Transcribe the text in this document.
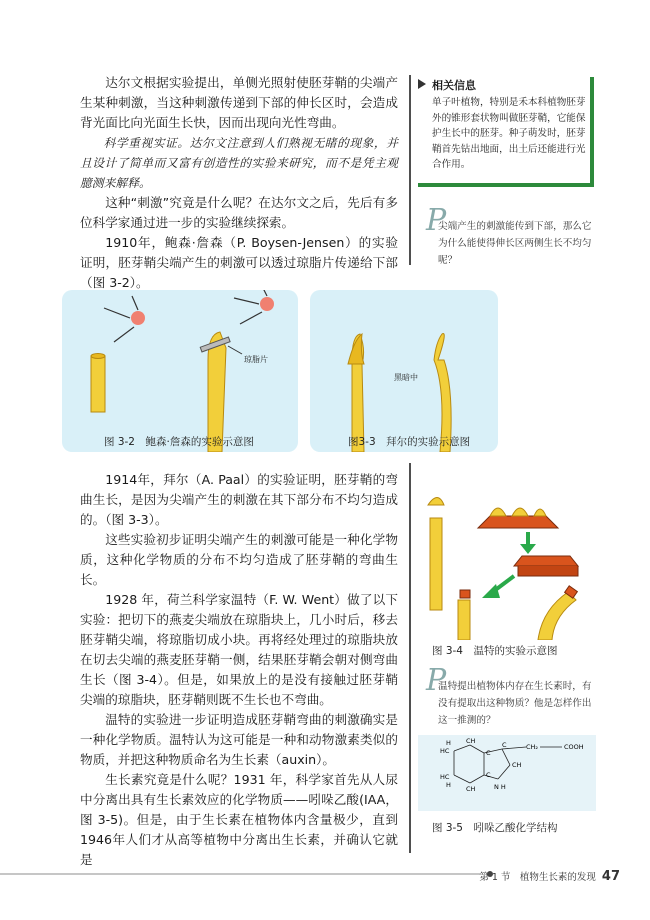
达尔文根据实验提出，单侧光照射使胚芽鞘的尖端产生某种刺激，当这种刺激传递到下部的伸长区时，会造成背光面比向光面生长快，因而出现向光性弯曲。

科学重视实证。达尔文注意到人们熟视无睹的现象，并且设计了简单而又富有创造性的实验来研究，而不是凭主观臆测来解释。

这种“刺激”究竟是什么呢？在达尔文之后，先后有多位科学家通过进一步的实验继续探索。

1910年，鲍森·詹森（P. Boysen-Jensen）的实验证明，胚芽鞘尖端产生的刺激可以透过琼脂片传递给下部（图 3-2）。

相关信息
单子叶植物，特别是禾本科植物胚芽外的锥形套状物叫做胚芽鞘，它能保护生长中的胚芽。种子萌发时，胚芽鞘首先钻出地面，出土后还能进行光合作用。
P
尖端产生的刺激能传到下部，那么它为什么能使得伸长区两侧生长不均匀呢？
琼脂片
图 3-2　鲍森·詹森的实验示意图
黑暗中
图3-3　拜尔的实验示意图

1914年，拜尔（A. Paal）的实验证明，胚芽鞘的弯曲生长，是因为尖端产生的刺激在其下部分布不均匀造成的。（图 3-3）。

这些实验初步证明尖端产生的刺激可能是一种化学物质，这种化学物质的分布不均匀造成了胚芽鞘的弯曲生长。

1928 年，荷兰科学家温特（F. W. Went）做了以下实验：把切下的燕麦尖端放在琼脂块上，几小时后，移去胚芽鞘尖端，将琼脂切成小块。再将经处理过的琼脂块放在切去尖端的燕麦胚芽鞘一侧，结果胚芽鞘会朝对侧弯曲生长（图 3-4）。但是，如果放上的是没有接触过胚芽鞘尖端的琼脂块，胚芽鞘则既不生长也不弯曲。

温特的实验进一步证明造成胚芽鞘弯曲的刺激确实是一种化学物质。温特认为这可能是一种和动物激素类似的物质，并把这种物质命名为生长素（auxin）。

生长素究竟是什么呢？1931 年，科学家首先从人尿中分离出具有生长素效应的化学物质——吲哚乙酸(IAA，图 3-5)。但是，由于生长素在植物体内含量极少，直到1946年人们才从高等植物中分离出生长素，并确认它就是

图 3-4　温特的实验示意图
P
温特提出植物体内存在生长素时，有没有提取出这种物质？他是怎样作出这一推测的？
HC
HC
CH
CH
C
C
C
CH
N H
CH₂	COOH
H
H
图 3-5　吲哚乙酸化学结构
第 1 节　植物生长素的发现 47
